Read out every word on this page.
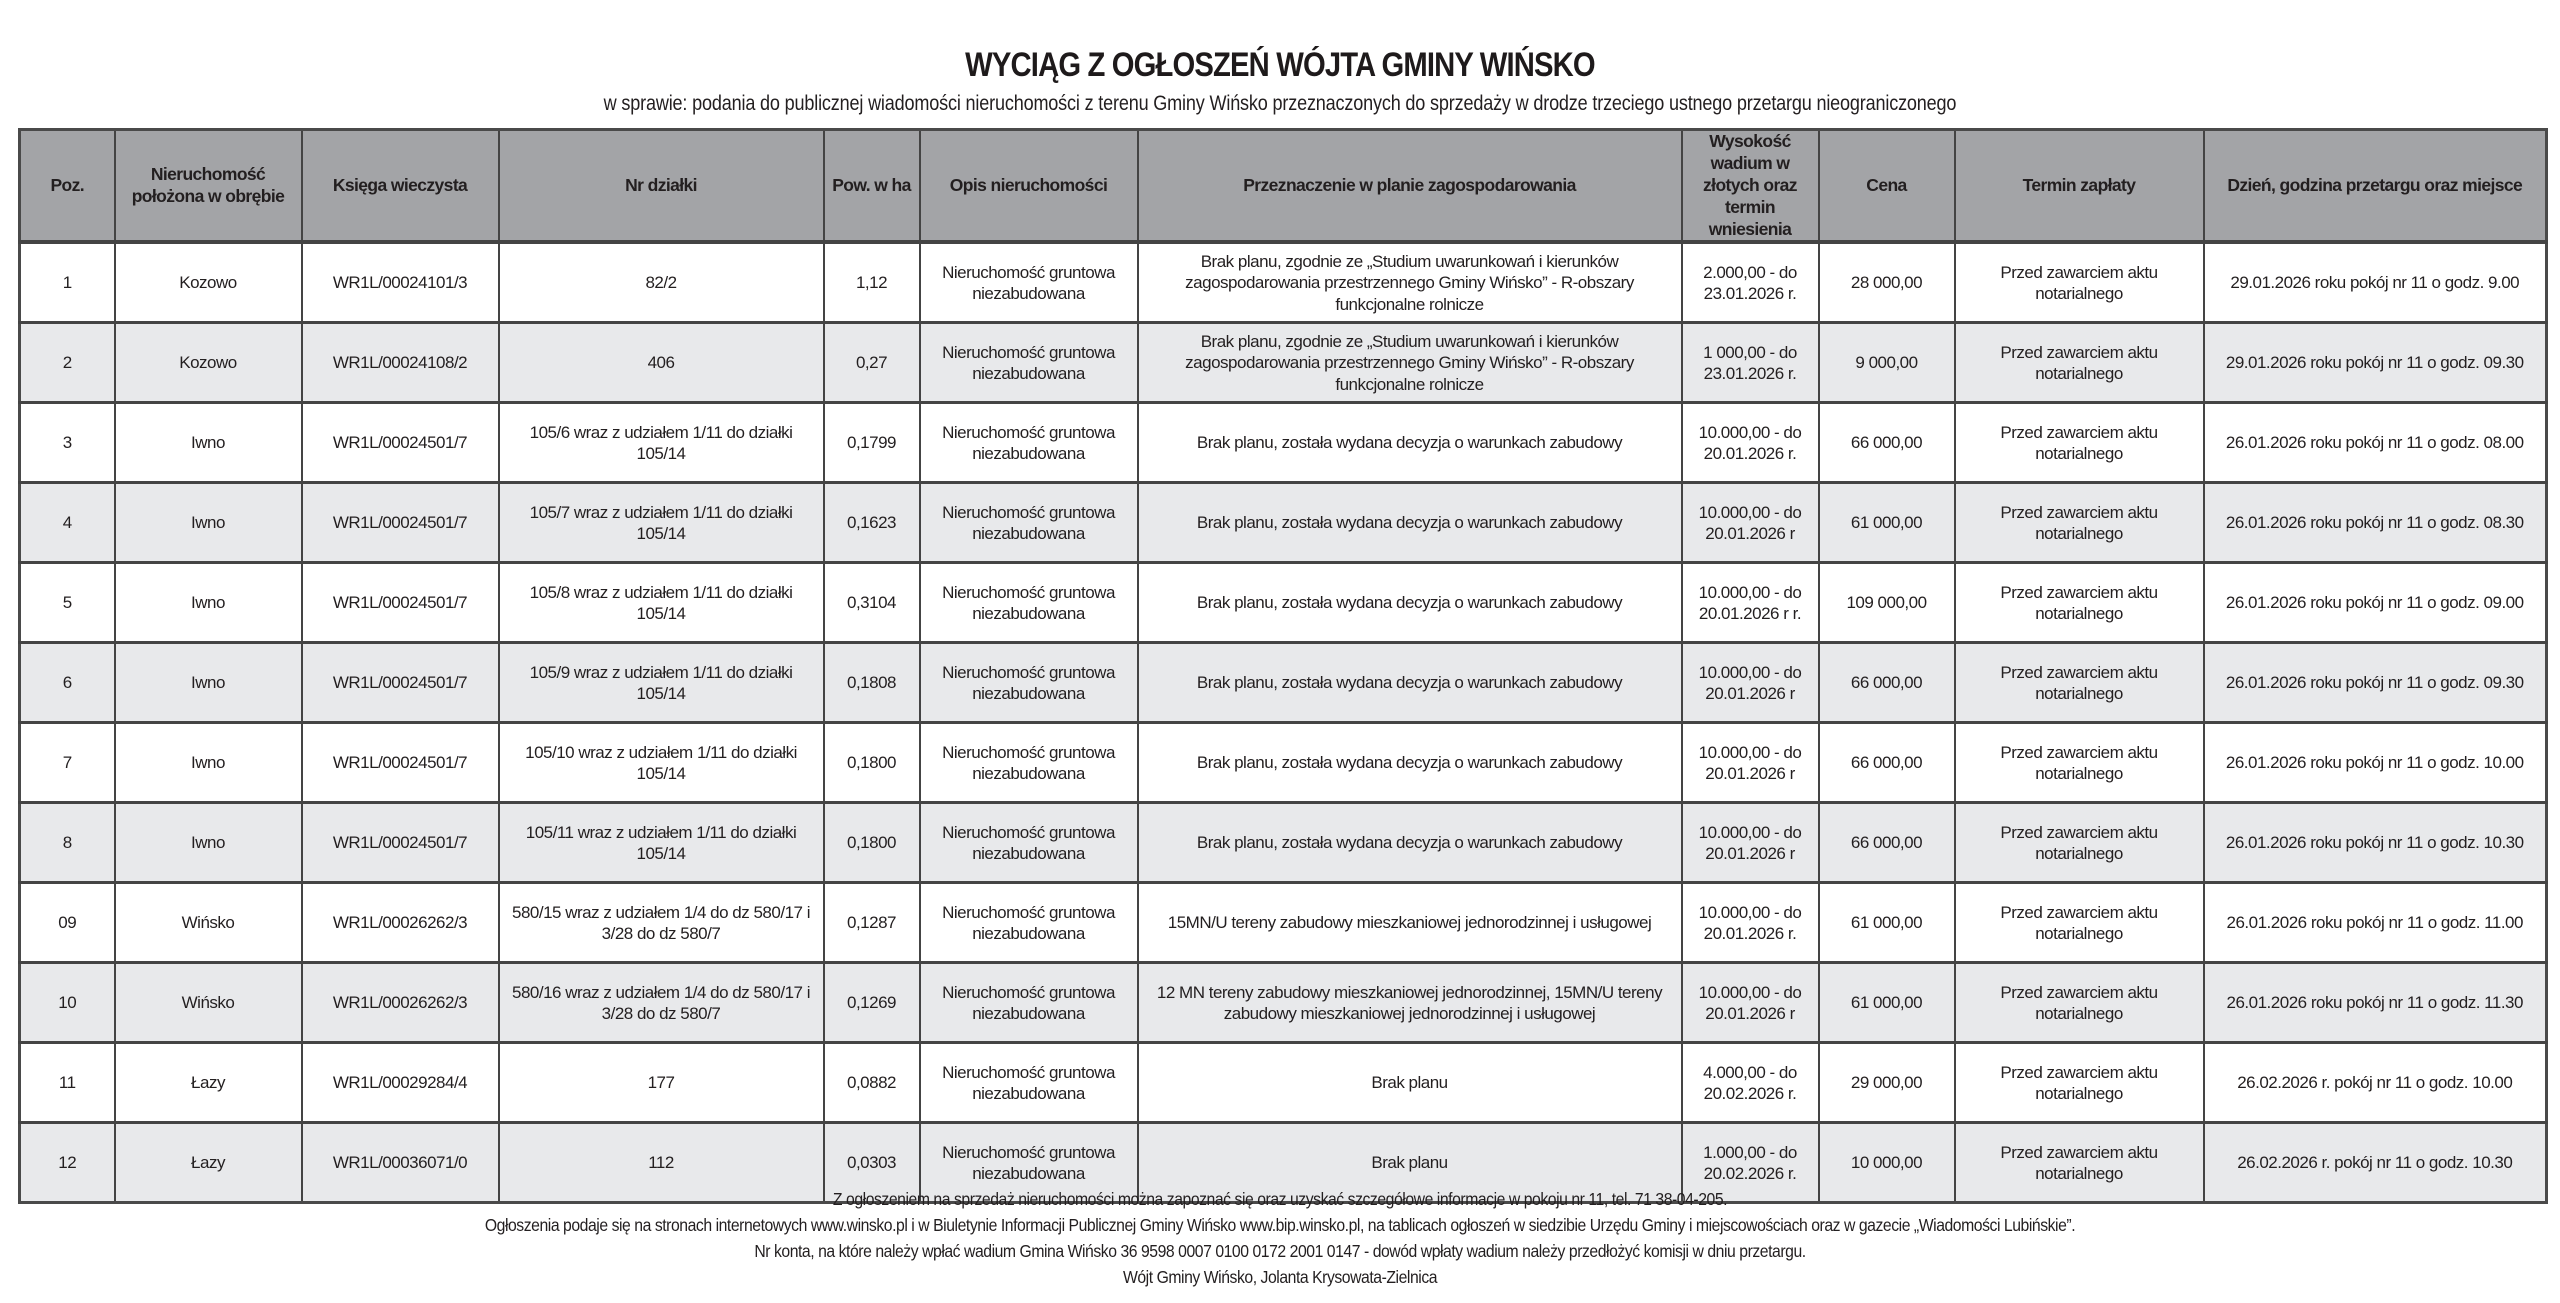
WYCIĄG Z OGŁOSZEŃ WÓJTA GMINY WIŃSKO
w sprawie: podania do publicznej wiadomości nieruchomości z terenu Gminy Wińsko przeznaczonych do sprzedaży w drodze trzeciego ustnego przetargu nieograniczonego
Poz.	Nieruchomość położona w obrębie	Księga wieczysta	Nr działki	Pow. w ha	Opis nieruchomości	Przeznaczenie w planie zagospodarowania	Wysokość wadium w złotych oraz termin wniesienia	Cena	Termin zapłaty	Dzień, godzina przetargu oraz miejsce
1	Kozowo	WR1L/00024101/3	82/2	1,12	Nieruchomość gruntowa niezabudowana	Brak planu, zgodnie ze „Studium uwarunkowań i kierunków zagospodarowania przestrzennego Gminy Wińsko” - R-obszary funkcjonalne rolnicze	2.000,00 - do 23.01.2026 r.	28 000,00	Przed zawarciem aktu notarialnego	29.01.2026 roku pokój nr 11 o godz. 9.00
2	Kozowo	WR1L/00024108/2	406	0,27	Nieruchomość gruntowa niezabudowana	Brak planu, zgodnie ze „Studium uwarunkowań i kierunków zagospodarowania przestrzennego Gminy Wińsko” - R-obszary funkcjonalne rolnicze	1 000,00 - do 23.01.2026 r.	9 000,00	Przed zawarciem aktu notarialnego	29.01.2026 roku pokój nr 11 o godz. 09.30
3	Iwno	WR1L/00024501/7	105/6 wraz z udziałem 1/11 do działki 105/14	0,1799	Nieruchomość gruntowa niezabudowana	Brak planu, została wydana decyzja o warunkach zabudowy	10.000,00 - do 20.01.2026 r.	66 000,00	Przed zawarciem aktu notarialnego	26.01.2026 roku pokój nr 11 o godz. 08.00
4	Iwno	WR1L/00024501/7	105/7 wraz z udziałem 1/11 do działki 105/14	0,1623	Nieruchomość gruntowa niezabudowana	Brak planu, została wydana decyzja o warunkach zabudowy	10.000,00 - do 20.01.2026 r	61 000,00	Przed zawarciem aktu notarialnego	26.01.2026 roku pokój nr 11 o godz. 08.30
5	Iwno	WR1L/00024501/7	105/8 wraz z udziałem 1/11 do działki 105/14	0,3104	Nieruchomość gruntowa niezabudowana	Brak planu, została wydana decyzja o warunkach zabudowy	10.000,00 - do 20.01.2026 r r.	109 000,00	Przed zawarciem aktu notarialnego	26.01.2026 roku pokój nr 11 o godz. 09.00
6	Iwno	WR1L/00024501/7	105/9 wraz z udziałem 1/11 do działki 105/14	0,1808	Nieruchomość gruntowa niezabudowana	Brak planu, została wydana decyzja o warunkach zabudowy	10.000,00 - do 20.01.2026 r	66 000,00	Przed zawarciem aktu notarialnego	26.01.2026 roku pokój nr 11 o godz. 09.30
7	Iwno	WR1L/00024501/7	105/10 wraz z udziałem 1/11 do działki 105/14	0,1800	Nieruchomość gruntowa niezabudowana	Brak planu, została wydana decyzja o warunkach zabudowy	10.000,00 - do 20.01.2026 r	66 000,00	Przed zawarciem aktu notarialnego	26.01.2026 roku pokój nr 11 o godz. 10.00
8	Iwno	WR1L/00024501/7	105/11 wraz z udziałem 1/11 do działki 105/14	0,1800	Nieruchomość gruntowa niezabudowana	Brak planu, została wydana decyzja o warunkach zabudowy	10.000,00 - do 20.01.2026 r	66 000,00	Przed zawarciem aktu notarialnego	26.01.2026 roku pokój nr 11 o godz. 10.30
09	Wińsko	WR1L/00026262/3	580/15 wraz z udziałem 1/4 do dz 580/17 i 3/28 do dz 580/7	0,1287	Nieruchomość gruntowa niezabudowana	15MN/U tereny zabudowy mieszkaniowej jednorodzinnej i usługowej	10.000,00 - do 20.01.2026 r.	61 000,00	Przed zawarciem aktu notarialnego	26.01.2026 roku pokój nr 11 o godz. 11.00
10	Wińsko	WR1L/00026262/3	580/16 wraz z udziałem 1/4 do dz 580/17 i 3/28 do dz 580/7	0,1269	Nieruchomość gruntowa niezabudowana	12 MN tereny zabudowy mieszkaniowej jednorodzinnej, 15MN/U tereny zabudowy mieszkaniowej jednorodzinnej i usługowej	10.000,00 - do 20.01.2026 r	61 000,00	Przed zawarciem aktu notarialnego	26.01.2026 roku pokój nr 11 o godz. 11.30
11	Łazy	WR1L/00029284/4	177	0,0882	Nieruchomość gruntowa niezabudowana	Brak planu	4.000,00 - do 20.02.2026 r.	29 000,00	Przed zawarciem aktu notarialnego	26.02.2026 r. pokój nr 11 o godz. 10.00
12	Łazy	WR1L/00036071/0	112	0,0303	Nieruchomość gruntowa niezabudowana	Brak planu	1.000,00 - do 20.02.2026 r.	10 000,00	Przed zawarciem aktu notarialnego	26.02.2026 r. pokój nr 11 o godz. 10.30
Z ogłoszeniem na sprzedaż nieruchomości można zapoznać się oraz uzyskać szczegółowe informacje w pokoju nr 11, tel. 71 38-04-205.
Ogłoszenia podaje się na stronach internetowych www.winsko.pl i w Biuletynie Informacji Publicznej Gminy Wińsko www.bip.winsko.pl, na tablicach ogłoszeń w siedzibie Urzędu Gminy i miejscowościach oraz w gazecie „Wiadomości Lubińskie”.
Nr konta, na które należy wpłać wadium Gmina Wińsko 36 9598 0007 0100 0172 2001 0147 - dowód wpłaty wadium należy przedłożyć komisji w dniu przetargu.
Wójt Gminy Wińsko, Jolanta Krysowata-Zielnica
